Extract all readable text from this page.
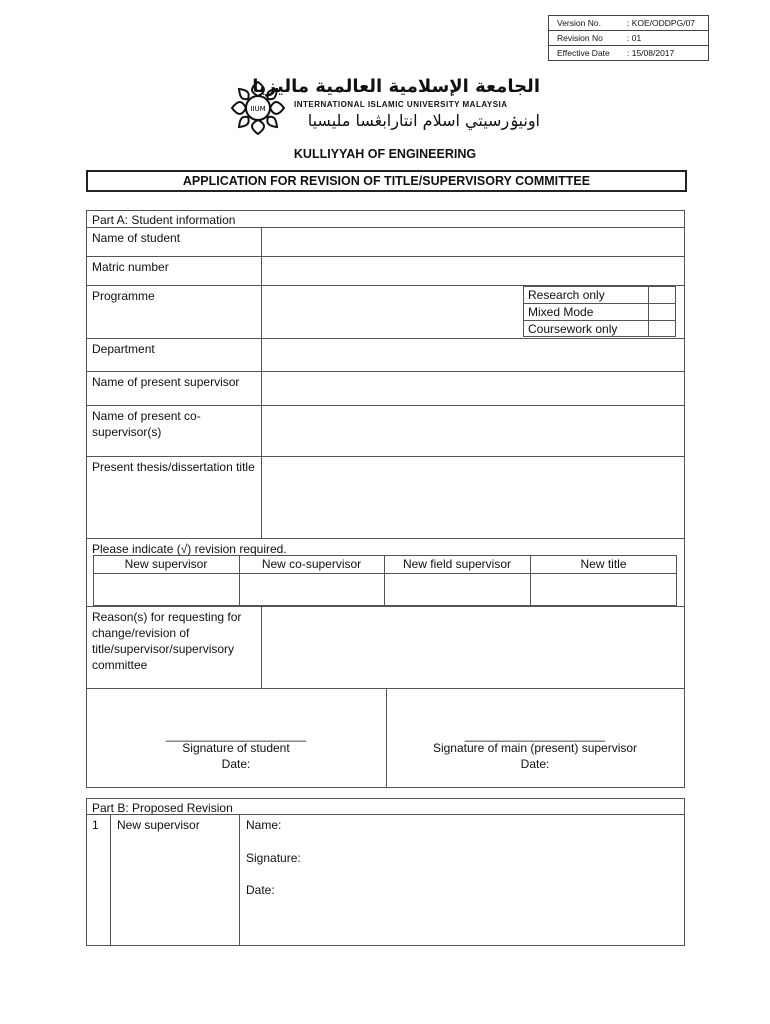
Version No.	: KOE/ODDPG/07
Revision No	: 01
Effective Date : 15/08/2017
IIUM
الجامعة الإسلامية العالمية ماليزيا
INTERNATIONAL ISLAMIC UNIVERSITY MALAYSIA
اونيۏرسيتي اسلام انتارابڠسا مليسيا
KULLIYYAH OF ENGINEERING
APPLICATION FOR REVISION OF TITLE/SUPERVISORY COMMITTEE
Part A: Student information
Name of student
Matric number
Programme	Research only
Mixed Mode
Coursework only
Department
Name of present supervisor
Name of present co-supervisor(s)
Present thesis/dissertation title
Please indicate (√) revision required.
New supervisor	New co-supervisor	New field supervisor	New title
Reason(s) for requesting for change/revision of title/supervisor/supervisory committee
_____________________
Signature of student
Date:
_____________________
Signature of main (present) supervisor
Date:
Part B: Proposed Revision
1	New supervisor	Name:
Signature:
Date:
